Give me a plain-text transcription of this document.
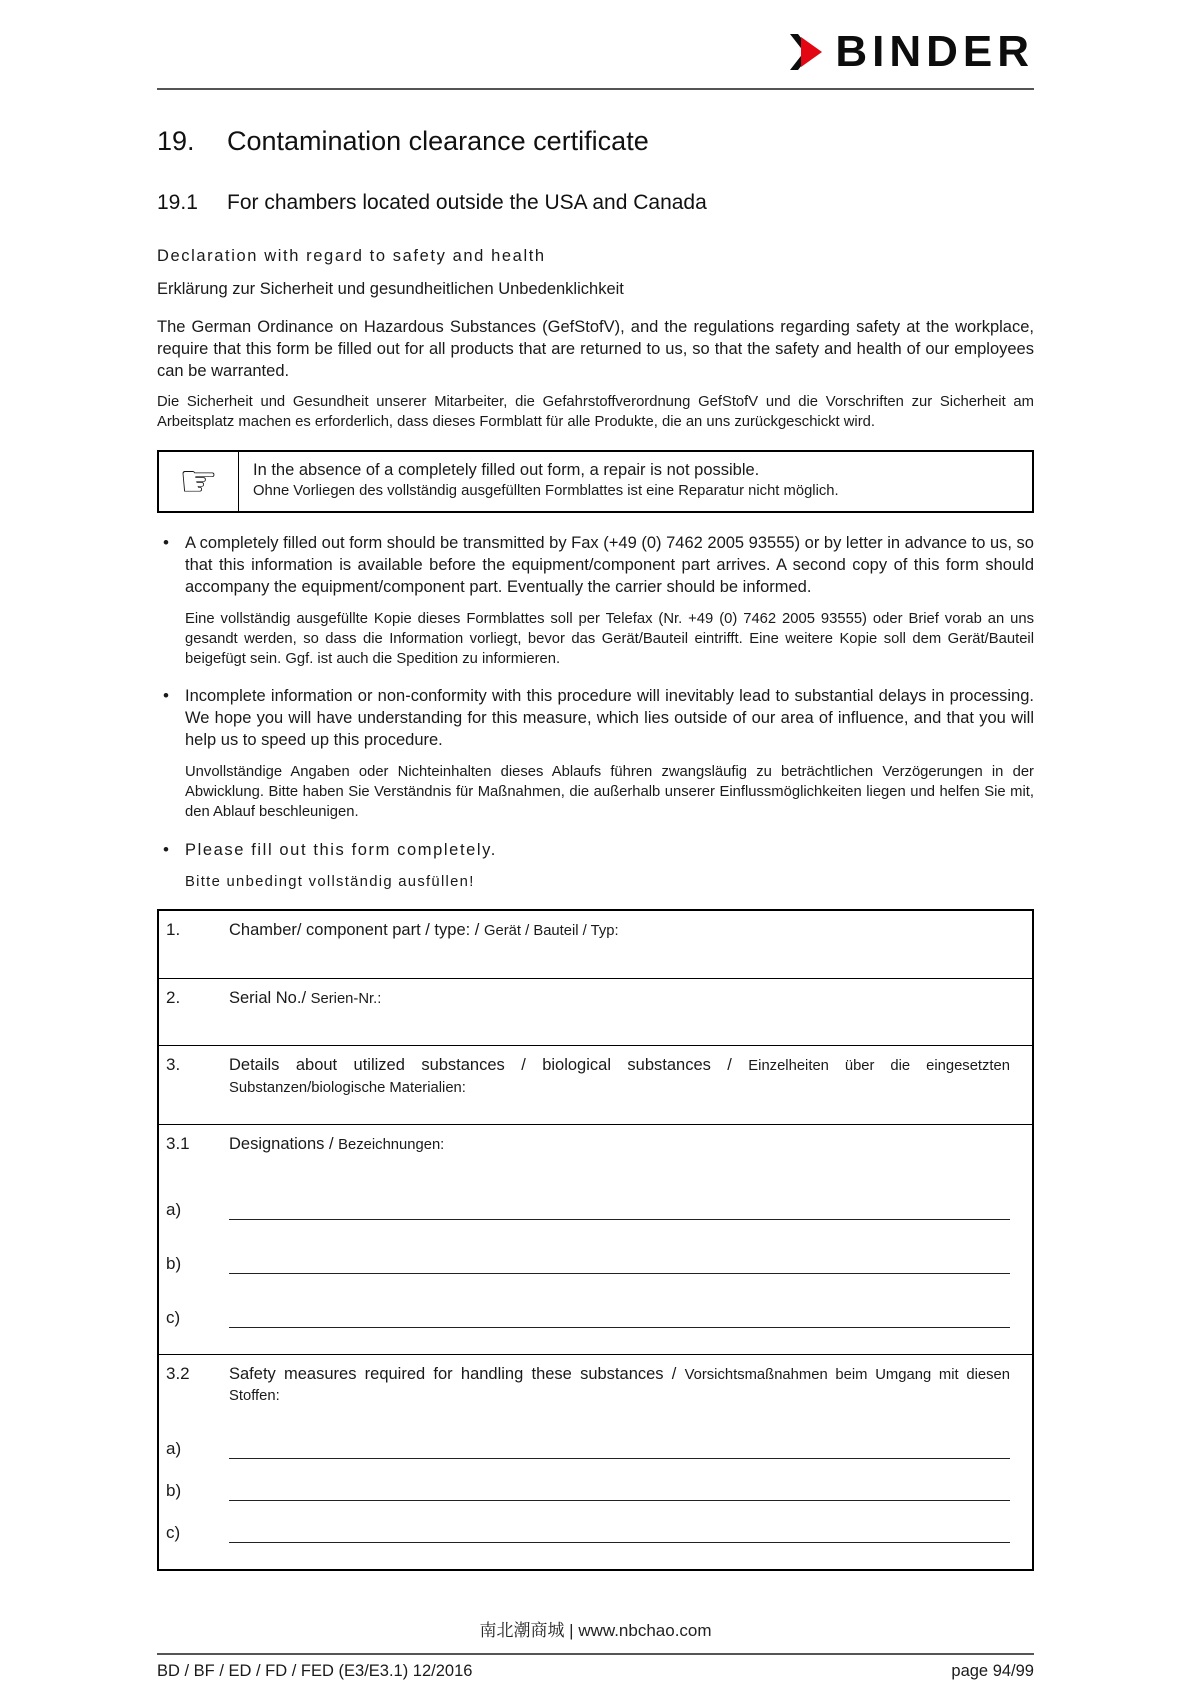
BINDER
19.	Contamination clearance certificate
19.1	For chambers located outside the USA and Canada

Declaration with regard to safety and health

Erklärung zur Sicherheit und gesundheitlichen Unbedenklichkeit

The German Ordinance on Hazardous Substances (GefStofV), and the regulations regarding safety at the workplace, require that this form be filled out for all products that are returned to us, so that the safety and health of our employees can be warranted.

Die Sicherheit und Gesundheit unserer Mitarbeiter, die Gefahrstoffverordnung GefStofV und die Vorschriften zur Sicherheit am Arbeitsplatz machen es erforderlich, dass dieses Formblatt für alle Produkte, die an uns zurückgeschickt wird.

☞ In the absence of a completely filled out form, a repair is not possible.

Ohne Vorliegen des vollständig ausgefüllten Formblattes ist eine Reparatur nicht möglich.

• A completely filled out form should be transmitted by Fax (+49 (0) 7462 2005 93555) or by letter in advance to us, so that this information is available before the equipment/component part arrives. A second copy of this form should accompany the equipment/component part. Eventually the carrier should be informed.

Eine vollständig ausgefüllte Kopie dieses Formblattes soll per Telefax (Nr. +49 (0) 7462 2005 93555) oder Brief vorab an uns gesandt werden, so dass die Information vorliegt, bevor das Gerät/Bauteil eintrifft. Eine weitere Kopie soll dem Gerät/Bauteil beigefügt sein. Ggf. ist auch die Spedition zu informieren.

• Incomplete information or non-conformity with this procedure will inevitably lead to substantial delays in processing. We hope you will have understanding for this measure, which lies outside of our area of influence, and that you will help us to speed up this procedure.

Unvollständige Angaben oder Nichteinhalten dieses Ablaufs führen zwangsläufig zu beträchtlichen Verzögerungen in der Abwicklung. Bitte haben Sie Verständnis für Maßnahmen, die außerhalb unserer Einflussmöglichkeiten liegen und helfen Sie mit, den Ablauf beschleunigen.

• Please fill out this form completely.

Bitte unbedingt vollständig ausfüllen!

1.	Chamber/ component part / type: / Gerät / Bauteil / Typ:
2.	Serial No./ Serien-Nr.:
3.	Details about utilized substances / biological substances / Einzelheiten über die eingesetzten Substanzen/biologische Materialien:
3.1	Designations / Bezeichnungen:
a)
b)
c)
3.2	Safety measures required for handling these substances / Vorsichtsmaßnahmen beim Umgang mit diesen Stoffen:
a)
b)
c)
南北潮商城 | www.nbchao.com
BD / BF / ED / FD / FED (E3/E3.1) 12/2016	page 94/99
